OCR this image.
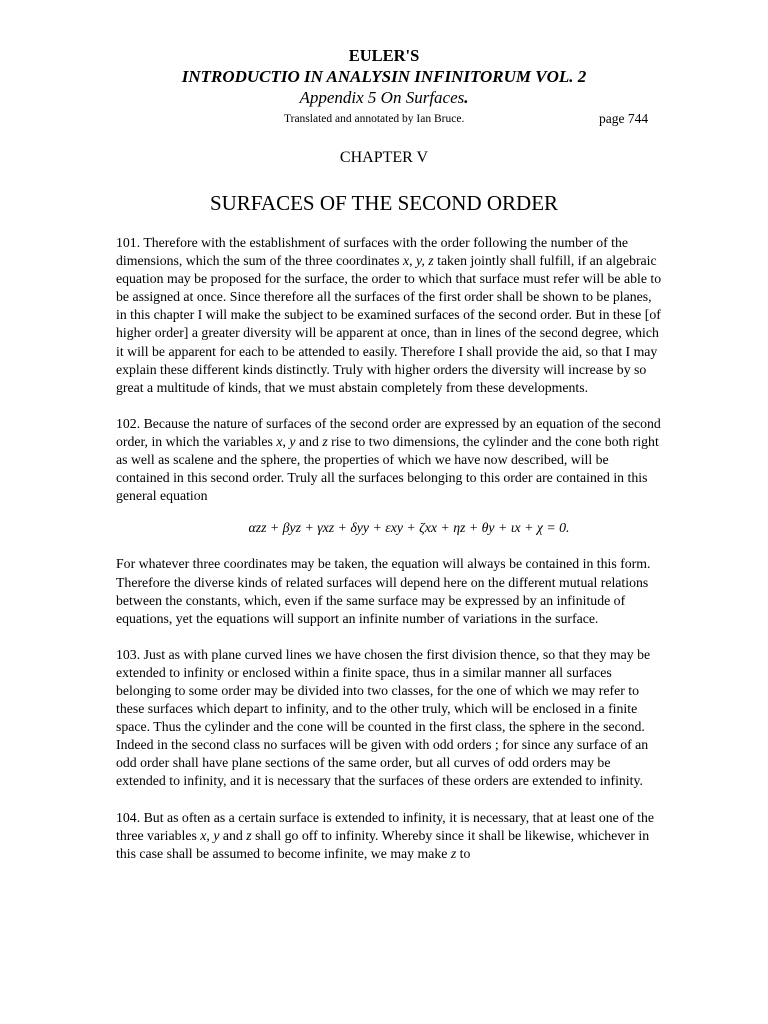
EULER'S
INTRODUCTIO IN ANALYSIN INFINITORUM VOL. 2
Appendix 5 On Surfaces.
Translated and annotated by Ian Bruce.	page 744
CHAPTER V
SURFACES OF THE SECOND ORDER

101. Therefore with the establishment of surfaces with the order following the number of the dimensions, which the sum of the three coordinates x, y, z taken jointly shall fulfill, if an algebraic equation may be proposed for the surface, the order to which that surface must refer will be able to be assigned at once. Since therefore all the surfaces of the first order shall be shown to be planes, in this chapter I will make the subject to be examined surfaces of the second order. But in these [of higher order] a greater diversity will be apparent at once, than in lines of the second degree, which it will be apparent for each to be attended to easily. Therefore I shall provide the aid, so that I may explain these different kinds distinctly. Truly with higher orders the diversity will increase by so great a multitude of kinds, that we must abstain completely from these developments.

102. Because the nature of surfaces of the second order are expressed by an equation of the second order, in which the variables x, y and z rise to two dimensions, the cylinder and the cone both right as well as scalene and the sphere, the properties of which we have now described, will be contained in this second order. Truly all the surfaces belonging to this order are contained in this general equation

αzz + βyz + γxz + δyy + εxy + ζxx + ηz + θy + ιx + χ = 0.

For whatever three coordinates may be taken, the equation will always be contained in this form. Therefore the diverse kinds of related surfaces will depend here on the different mutual relations between the constants, which, even if the same surface may be expressed by an infinitude of equations, yet the equations will support an infinite number of variations in the surface.

103. Just as with plane curved lines we have chosen the first division thence, so that they may be extended to infinity or enclosed within a finite space, thus in a similar manner all surfaces belonging to some order may be divided into two classes, for the one of which we may refer to these surfaces which depart to infinity, and to the other truly, which will be enclosed in a finite space. Thus the cylinder and the cone will be counted in the first class, the sphere in the second. Indeed in the second class no surfaces will be given with odd orders ; for since any surface of an odd order shall have plane sections of the same order, but all curves of odd orders may be extended to infinity, and it is necessary that the surfaces of these orders are extended to infinity.

104. But as often as a certain surface is extended to infinity, it is necessary, that at least one of the three variables x, y and z shall go off to infinity. Whereby since it shall be likewise, whichever in this case shall be assumed to become infinite, we may make z to
